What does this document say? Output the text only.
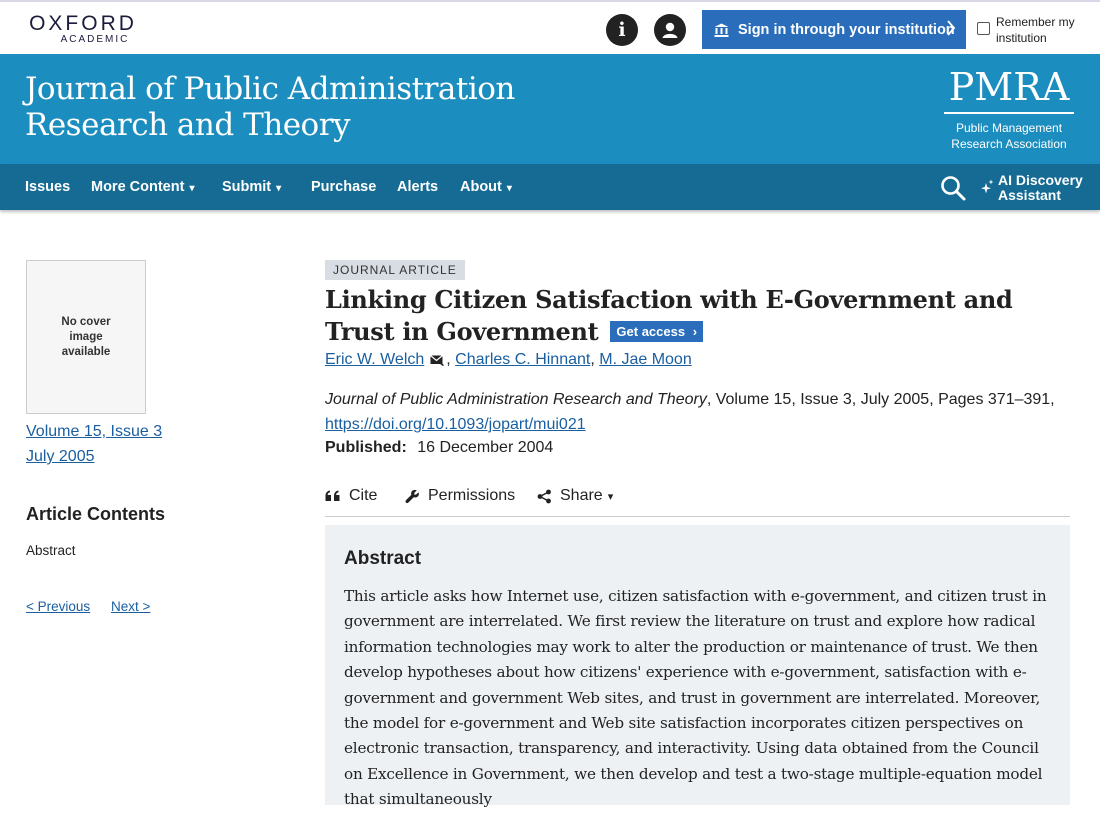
OXFORD
ACADEMIC	i	Sign in through your institution	Remember my institution
Journal of Public Administration
Research and Theory
PMRA
Public Management
Research Association
Issues More Content ▾ Submit ▾ Purchase Alerts About ▾
AI Discovery
Assistant
No cover image available
Volume 15, Issue 3
July 2005
Article Contents
Abstract
< Previous Next >
JOURNAL ARTICLE
Linking Citizen Satisfaction with E-Government and Trust in Government Get access ›
Eric W. Welch , Charles C. Hinnant , M. Jae Moon
Journal of Public Administration Research and Theory, Volume 15, Issue 3, July 2005, Pages 371–391,
https://doi.org/10.1093/jopart/mui021
Published: 16 December 2004
Cite	Permissions	Share ▾
Abstract
This article asks how Internet use, citizen satisfaction with e-government, and citizen trust in government are interrelated. We first review the literature on trust and explore how radical information technologies may work to alter the production or maintenance of trust. We then develop hypotheses about how citizens' experience with e-government, satisfaction with e-government and government Web sites, and trust in government are interrelated. Moreover, the model for e-government and Web site satisfaction incorporates citizen perspectives on electronic transaction, transparency, and interactivity. Using data obtained from the Council on Excellence in Government, we then develop and test a two-stage multiple-equation model that simultaneously
